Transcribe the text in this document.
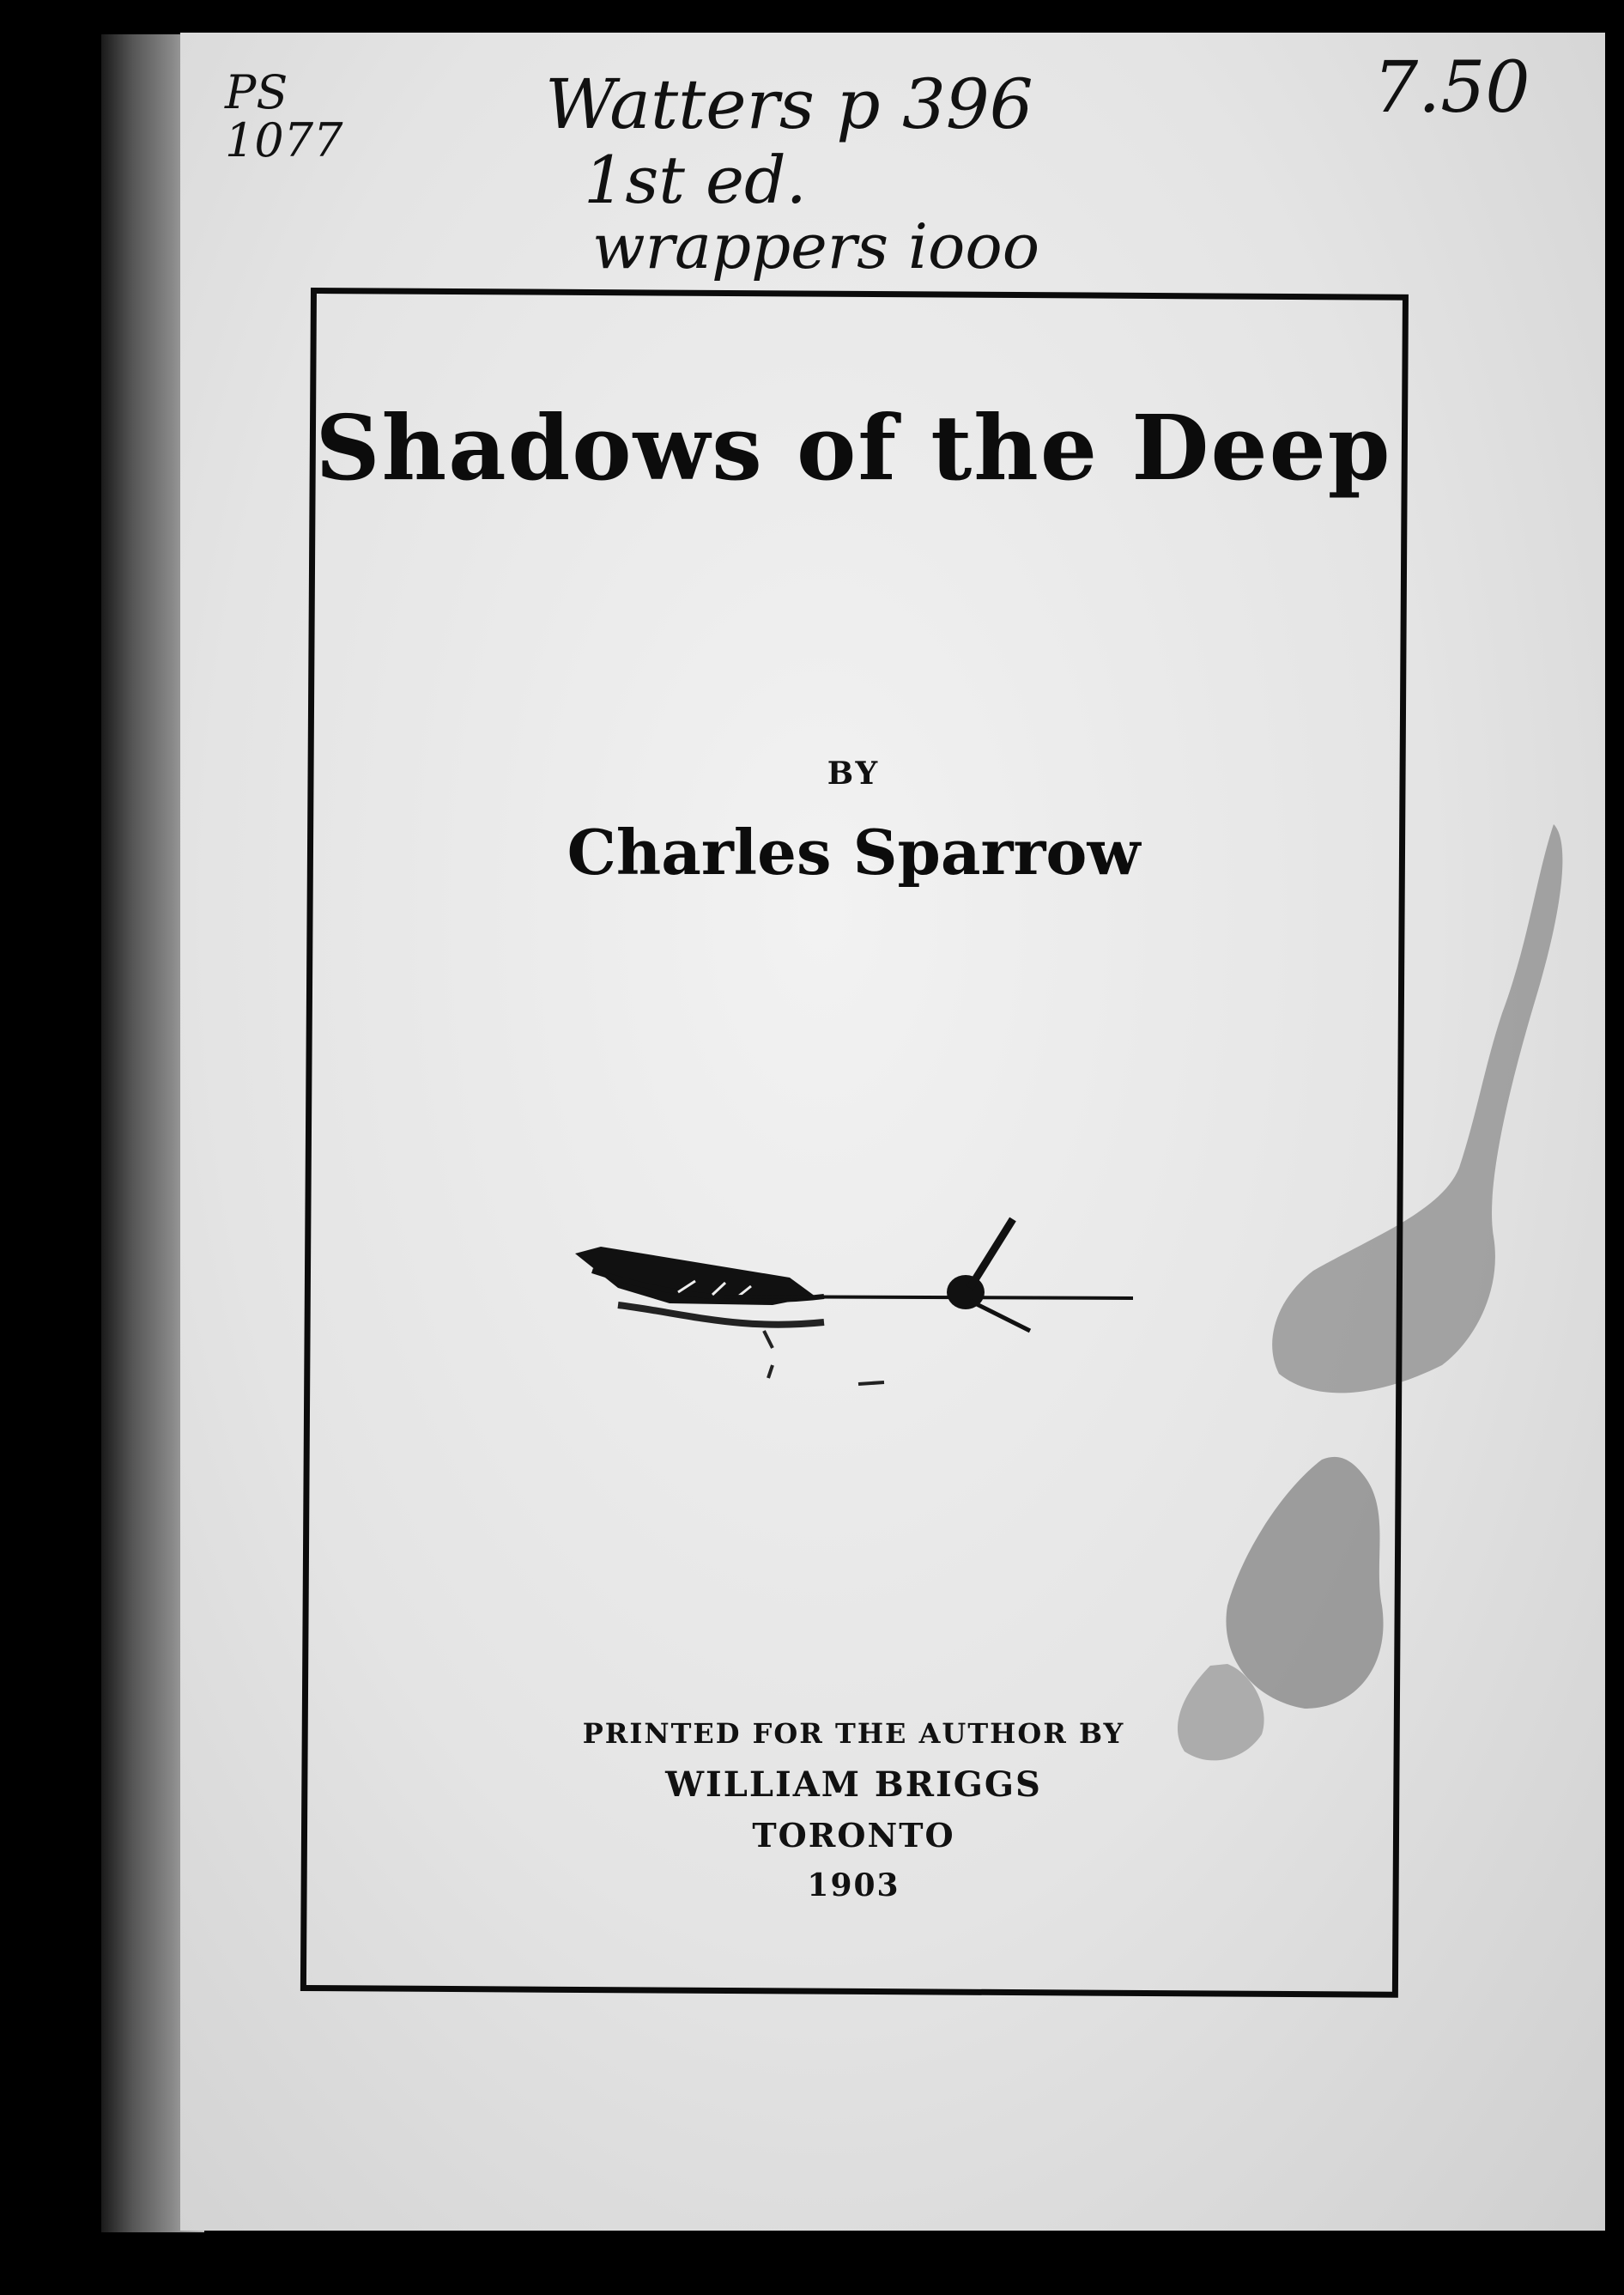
PS
1077	Watters p 396
1st ed.
wrappers iooo
7.50
Shadows of the Deep
BY
Charles Sparrow
PRINTED FOR THE AUTHOR BY
WILLIAM BRIGGS
TORONTO
1903
